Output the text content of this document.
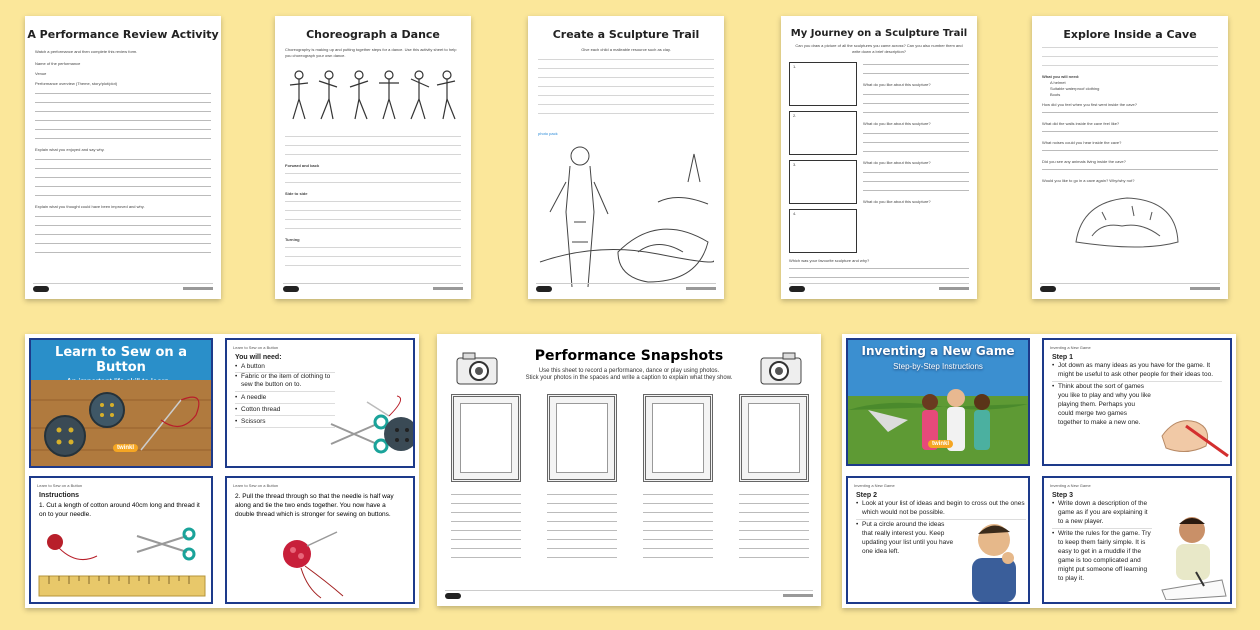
A Performance Review Activity
Watch a performance and then complete this review form.
Name of the performance
Venue
Performance overview (Theme, story/plot/plot)
Explain what you enjoyed and say why.
Explain what you thought could have been improved and why.
Choreograph a Dance
Choreography is making up and putting together steps for a dance. Use this activity sheet to help you choreograph your own dance.
Forward and back
Side to side
Turning
Create a Sculpture Trail
Give each child a malleable resource such as clay.
photo pack
My Journey on a Sculpture Trail
Can you draw a picture of all the sculptures you came across? Can you also number them and write down a brief description?
1.
2.
3.
4.
What do you like about this sculpture?
What do you like about this sculpture?
What do you like about this sculpture?
What do you like about this sculpture?
Which was your favourite sculpture and why?
Explore Inside a Cave
What you will need:
A helmet
Suitable waterproof clothing
Boots
How did you feel when you first went inside the cave?
What did the walls inside the cave feel like?
What noises could you hear inside the cave?
Did you see any animals living inside the cave?
Would you like to go in a cave again? Why/why not?
Learn to Sew on a Button
twinkl
Learn to Sew on a Button
You will need:
• A button
• Fabric or the item of clothing to sew the button on to.
• A needle
• Cotton thread
• Scissors
Learn to Sew on a Button
Instructions
1. Cut a length of cotton around 40cm long and thread it on to your needle.
Learn to Sew on a Button
2. Pull the thread through so that the needle is half way along and tie the two ends together. You now have a double thread which is stronger for sewing on buttons.
Performance Snapshots
Use this sheet to record a performance, dance or play using photos.
Stick your photos in the spaces and write a caption to explain what they show.
Inventing a New Game
Step-by-Step Instructions
twinkl
Inventing a New Game
Step 1
• Jot down as many ideas as you have for the game. It might be useful to ask other people for their ideas too.
• Think about the sort of games you like to play and why you like playing them. Perhaps you could merge two games together to make a new one.
Inventing a New Game
Step 2
• Look at your list of ideas and begin to cross out the ones which would not be possible.
• Put a circle around the ideas that really interest you. Keep updating your list until you have one idea left.
Inventing a New Game
Step 3
• Write down a description of the game as if you are explaining it to a new player.
• Write the rules for the game. Try to keep them fairly simple. It is easy to get in a muddle if the game is too complicated and might put someone off learning to play it.
